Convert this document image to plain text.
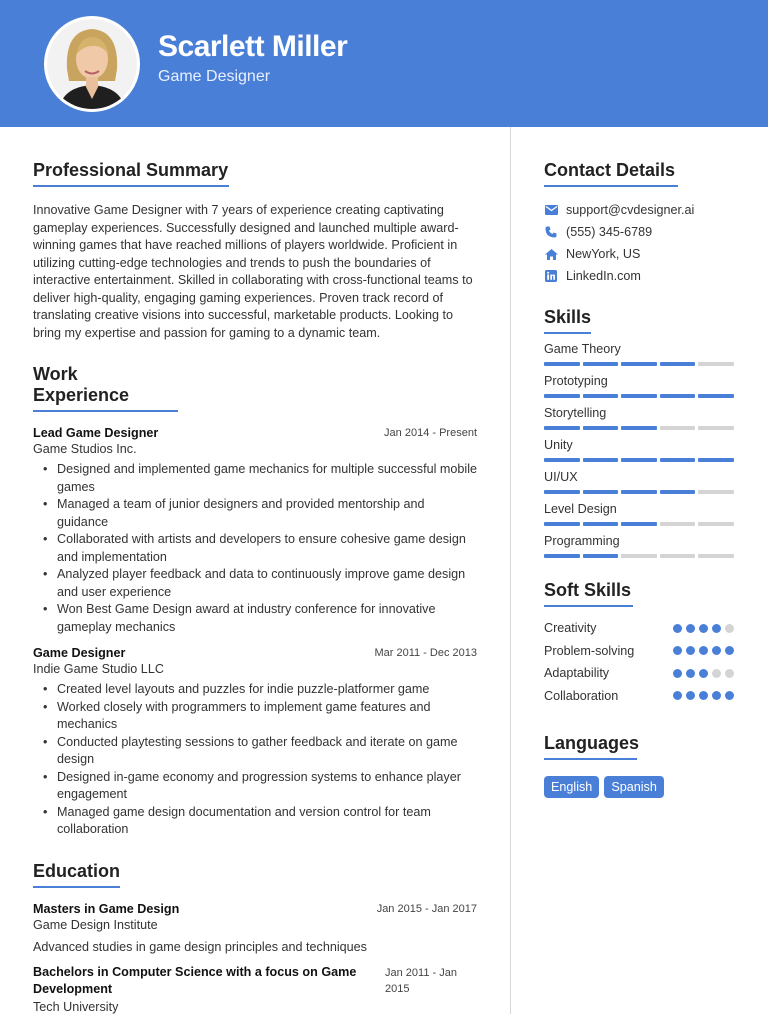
Scarlett Miller
Game Designer
Professional Summary

Innovative Game Designer with 7 years of experience creating captivating gameplay experiences. Successfully designed and launched multiple award-winning games that have reached millions of players worldwide. Proficient in utilizing cutting-edge technologies and trends to push the boundaries of interactive entertainment. Skilled in collaborating with cross-functional teams to deliver high-quality, engaging gaming experiences. Proven track record of translating creative visions into successful, marketable products. Looking to bring my expertise and passion for gaming to a dynamic team.

Work Experience
Lead Game Designer	Jan 2014 - Present
Game Studios Inc.
• Designed and implemented game mechanics for multiple successful mobile games
• Managed a team of junior designers and provided mentorship and guidance
• Collaborated with artists and developers to ensure cohesive game design and implementation
• Analyzed player feedback and data to continuously improve game design and user experience
• Won Best Game Design award at industry conference for innovative gameplay mechanics
Game Designer	Mar 2011 - Dec 2013
Indie Game Studio LLC
• Created level layouts and puzzles for indie puzzle-platformer game
• Worked closely with programmers to implement game features and mechanics
• Conducted playtesting sessions to gather feedback and iterate on game design
• Designed in-game economy and progression systems to enhance player engagement
• Managed game design documentation and version control for team collaboration
Education
Masters in Game Design	Jan 2015 - Jan 2017
Game Design Institute
Advanced studies in game design principles and techniques
Bachelors in Computer Science with a focus on Game Development
Jan 2011 - Jan 2015
Tech University
Contact Details
support@cvdesigner.ai
(555) 345-6789
NewYork, US
LinkedIn.com
Skills
Game Theory
Prototyping
Storytelling
Unity
UI/UX
Level Design
Programming
Soft Skills
Creativity
Problem-solving
Adaptability
Collaboration
Languages
English	Spanish
